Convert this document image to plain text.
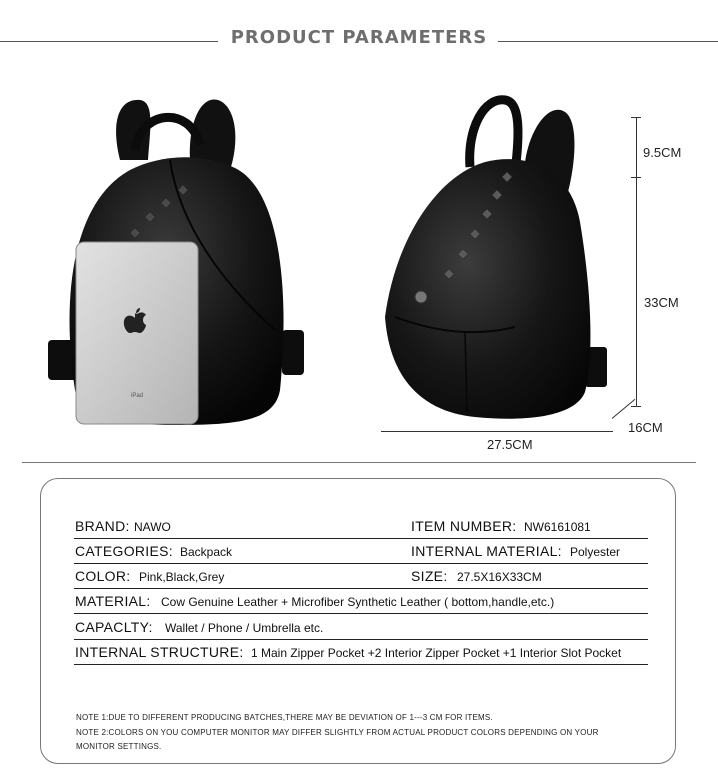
PRODUCT PARAMETERS
iPad
9.5CM
33CM
16CM
27.5CM
BRAND: NAWO	ITEM NUMBER: NW6161081
CATEGORIES: Backpack	INTERNAL MATERIAL: Polyester
COLOR: Pink,Black,Grey	SIZE: 27.5X16X33CM
MATERIAL: Cow Genuine Leather + Microfiber Synthetic Leather ( bottom,handle,etc.)
CAPACLTY: Wallet / Phone / Umbrella etc.
INTERNAL STRUCTURE: 1 Main Zipper Pocket +2 Interior Zipper Pocket +1 Interior Slot Pocket
NOTE 1:DUE TO DIFFERENT PRODUCING BATCHES,THERE MAY BE DEVIATION OF 1---3 CM FOR ITEMS.
NOTE 2:COLORS ON YOU COMPUTER MONITOR MAY DIFFER SLIGHTLY FROM ACTUAL PRODUCT COLORS DEPENDING ON YOUR
MONITOR SETTINGS.
